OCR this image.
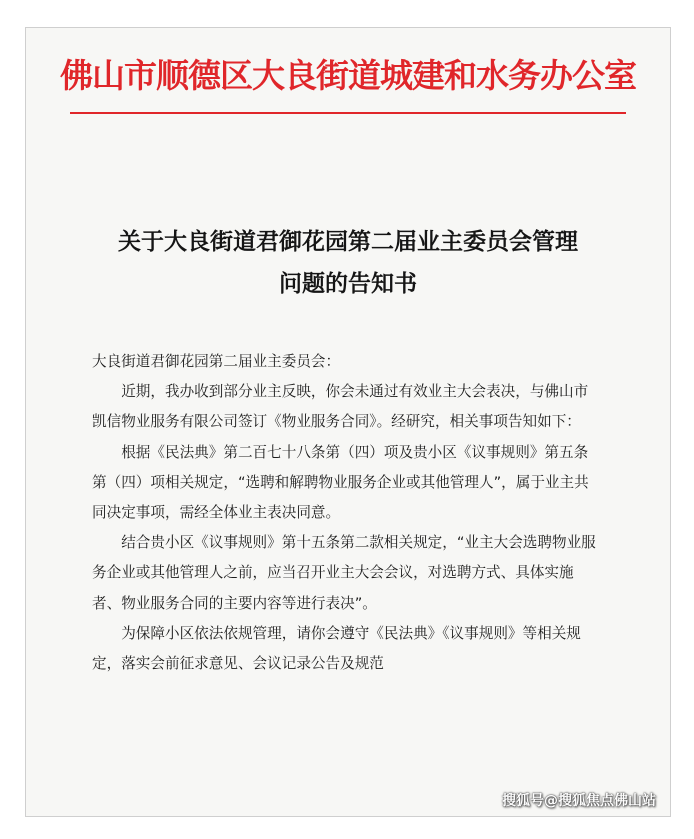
佛山市顺德区大良街道城建和水务办公室
关于大良街道君御花园第二届业主委员会管理
问题的告知书

大良街道君御花园第二届业主委员会：

近期，我办收到部分业主反映，你会未通过有效业主大会表决，与佛山市凯信物业服务有限公司签订《物业服务合同》。经研究，相关事项告知如下：

根据《民法典》第二百七十八条第（四）项及贵小区《议事规则》第五条第（四）项相关规定，“选聘和解聘物业服务企业或其他管理人”，属于业主共同决定事项，需经全体业主表决同意。

结合贵小区《议事规则》第十五条第二款相关规定，“业主大会选聘物业服务企业或其他管理人之前，应当召开业主大会会议，对选聘方式、具体实施者、物业服务合同的主要内容等进行表决”。

为保障小区依法依规管理，请你会遵守《民法典》《议事规则》等相关规定，落实会前征求意见、会议记录公告及规范

搜狐号@搜狐焦点佛山站
